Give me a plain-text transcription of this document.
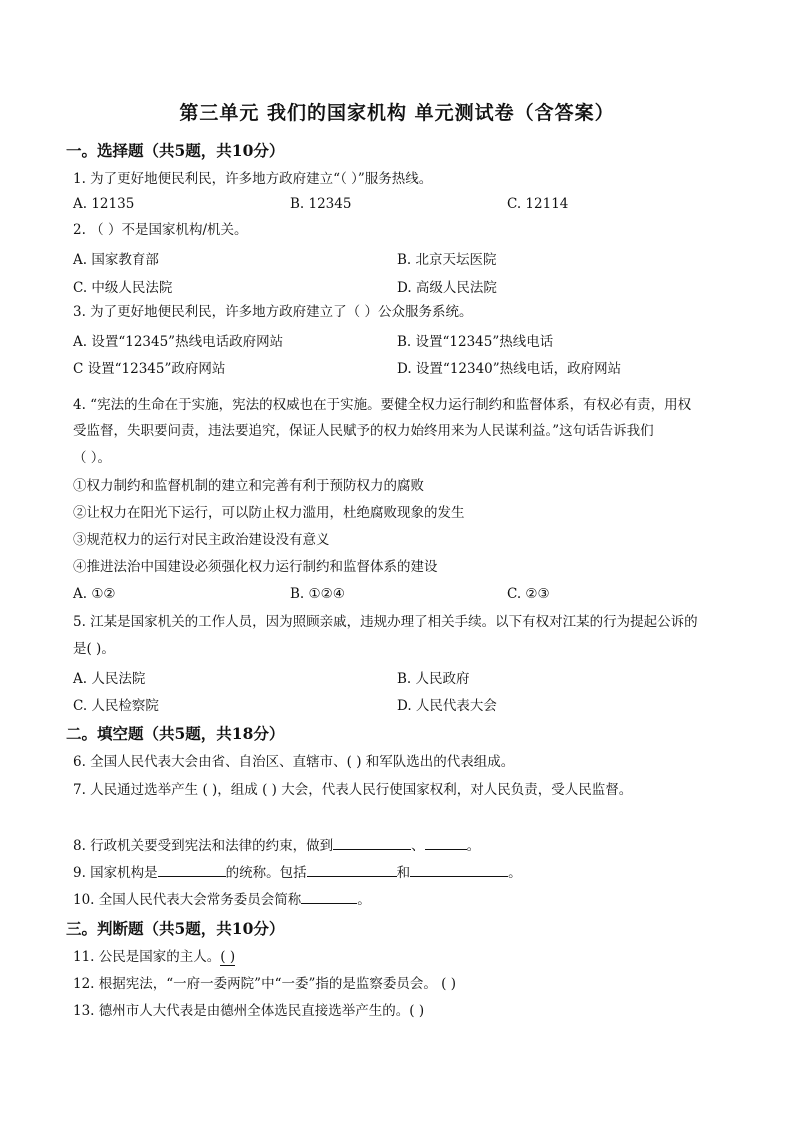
第三单元 我们的国家机构 单元测试卷（含答案）
一。选择题（共5题，共10分）
1. 为了更好地便民利民，许多地方政府建立“（ ）”服务热线。
A. 12135	B. 12345	C. 12114
2. （ ）不是国家机构/机关。
A. 国家教育部	B. 北京天坛医院
C. 中级人民法院	D. 高级人民法院
3. 为了更好地便民利民，许多地方政府建立了（ ）公众服务系统。
A. 设置“12345”热线电话政府网站	B. 设置“12345”热线电话
C 设置“12345”政府网站	D. 设置“12340”热线电话，政府网站
4. “宪法的生命在于实施，宪法的权威也在于实施。要健全权力运行制约和监督体系，有权必有责，用权
受监督，失职要问责，违法要追究，保证人民赋予的权力始终用来为人民谋利益。”这句话告诉我们
（ ）。
①权力制约和监督机制的建立和完善有利于预防权力的腐败
②让权力在阳光下运行，可以防止权力滥用，杜绝腐败现象的发生
③规范权力的运行对民主政治建设没有意义
④推进法治中国建设必须强化权力运行制约和监督体系的建设
A. ①②	B. ①②④	C. ②③
5. 江某是国家机关的工作人员，因为照顾亲戚，违规办理了相关手续。以下有权对江某的行为提起公诉的
是( )。
A. 人民法院	B. 人民政府
C. 人民检察院	D. 人民代表大会
二。填空题（共5题，共18分）
6. 全国人民代表大会由省、自治区、直辖市、( ) 和军队选出的代表组成。
7. 人民通过选举产生 ( )，组成 ( ) 大会，代表人民行使国家权利，对人民负责，受人民监督。
8. 行政机关要受到宪法和法律的约束，做到	、	。
9. 国家机构是	的统称。包括	和	。
10. 全国人民代表大会常务委员会简称	。
三。判断题（共5题，共10分）
11. 公民是国家的主人。( )
12. 根据宪法，“一府一委两院”中“一委”指的是监察委员会。 ( )
13. 德州市人大代表是由德州全体选民直接选举产生的。( )
